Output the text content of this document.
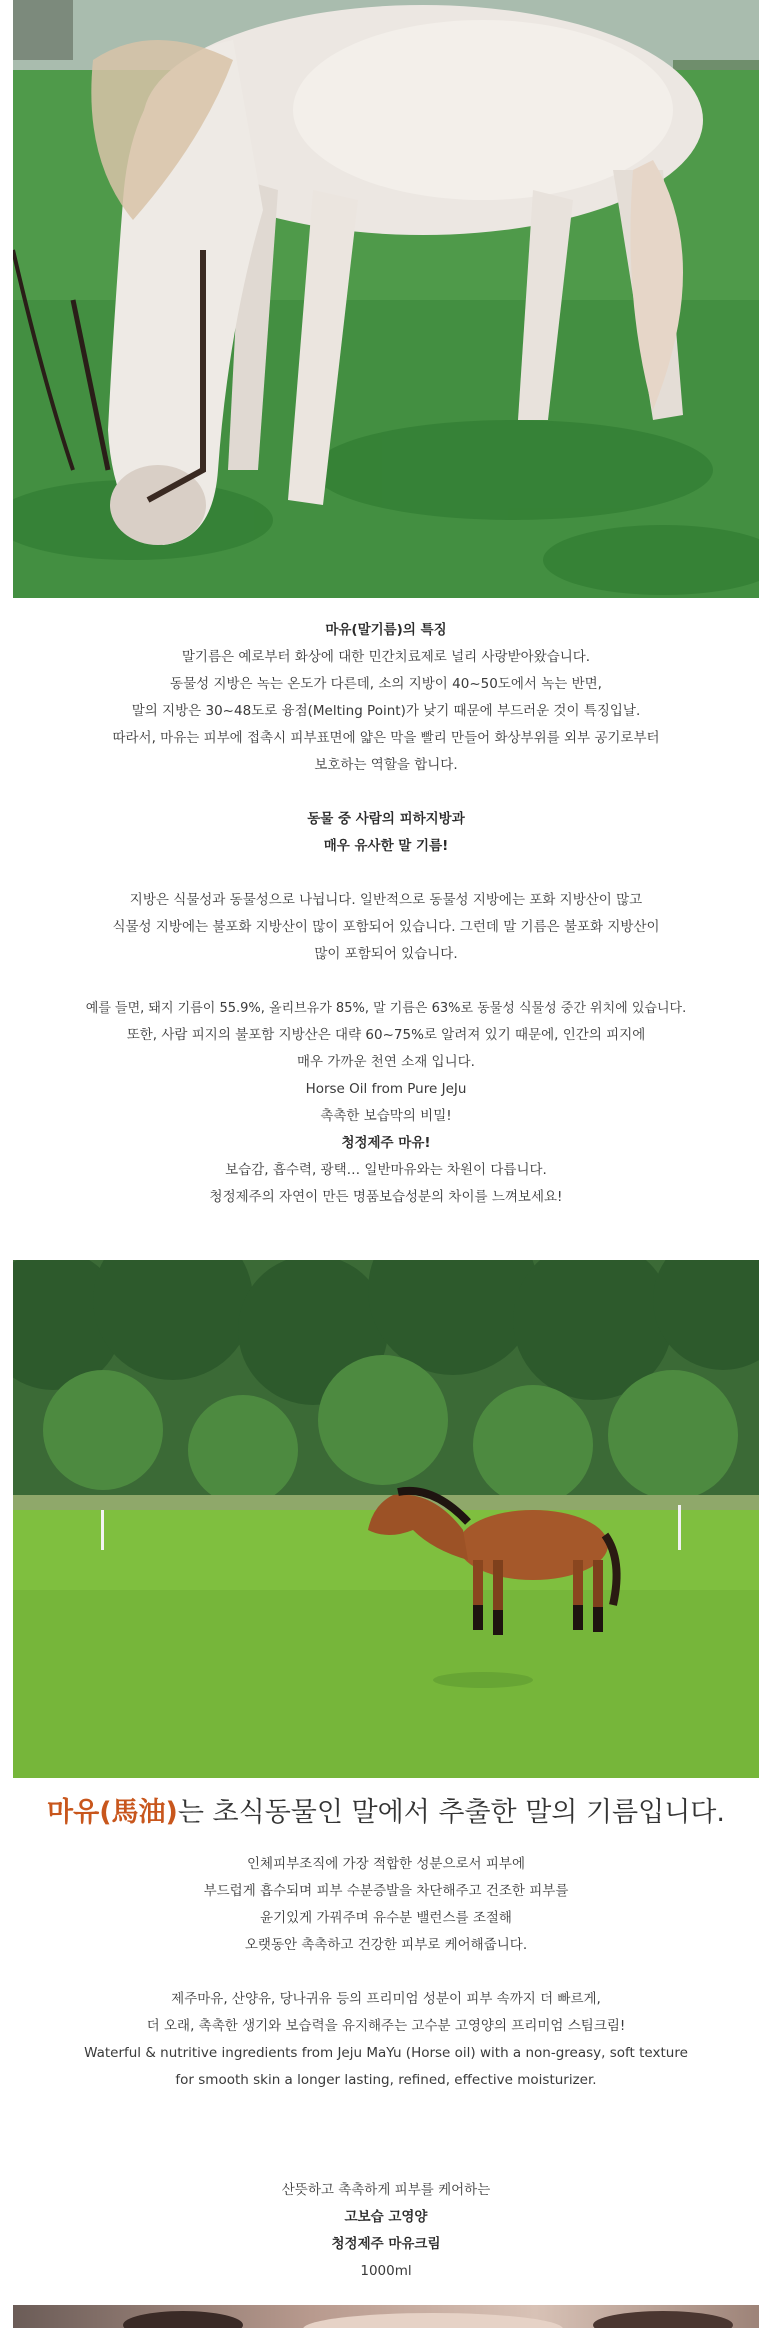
마유(말기름)의 특징
말기름은 예로부터 화상에 대한 민간치료제로 널리 사랑받아왔습니다.
동물성 지방은 녹는 온도가 다른데, 소의 지방이 40~50도에서 녹는 반면,
말의 지방은 30~48도로 융점(Melting Point)가 낮기 때문에 부드러운 것이 특징입날.
따라서, 마유는 피부에 접촉시 피부표면에 얇은 막을 빨리 만들어 화상부위를 외부 공기로부터
보호하는 역할을 합니다.
동물 중 사람의 피하지방과
매우 유사한 말 기름!
지방은 식물성과 동물성으로 나뉩니다. 일반적으로 동물성 지방에는 포화 지방산이 많고
식물성 지방에는 불포화 지방산이 많이 포함되어 있습니다. 그런데 말 기름은 불포화 지방산이
많이 포함되어 있습니다.
예를 들면, 돼지 기름이 55.9%, 올리브유가 85%, 말 기름은 63%로 동물성 식물성 중간 위치에 있습니다.
또한, 사람 피지의 불포함 지방산은 대략 60~75%로 알려져 있기 때문에, 인간의 피지에
매우 가까운 천연 소재 입니다.
Horse Oil from Pure JeJu
촉촉한 보습막의 비밀!
청정제주 마유!
보습감, 흡수력, 광택… 일반마유와는 차원이 다릅니다.
청정제주의 자연이 만든 명품보습성분의 차이를 느껴보세요!
마유(馬油)는 초식동물인 말에서 추출한 말의 기름입니다.
인체피부조직에 가장 적합한 성분으로서 피부에
부드럽게 흡수되며 피부 수분증발을 차단해주고 건조한 피부를
윤기있게 가꿔주며 유수분 밸런스를 조절해
오랫동안 촉촉하고 건강한 피부로 케어해줍니다.
제주마유, 산양유, 당나귀유 등의 프리미엄 성분이 피부 속까지 더 빠르게,
더 오래, 촉촉한 생기와 보습력을 유지해주는 고수분 고영양의 프리미엄 스팀크림!
Waterful & nutritive ingredients from Jeju MaYu (Horse oil) with a non-greasy, soft texture
for smooth skin a longer lasting, refined, effective moisturizer.
산뜻하고 촉촉하게 피부를 케어하는
고보습 고영양
청정제주 마유크림
1000ml
